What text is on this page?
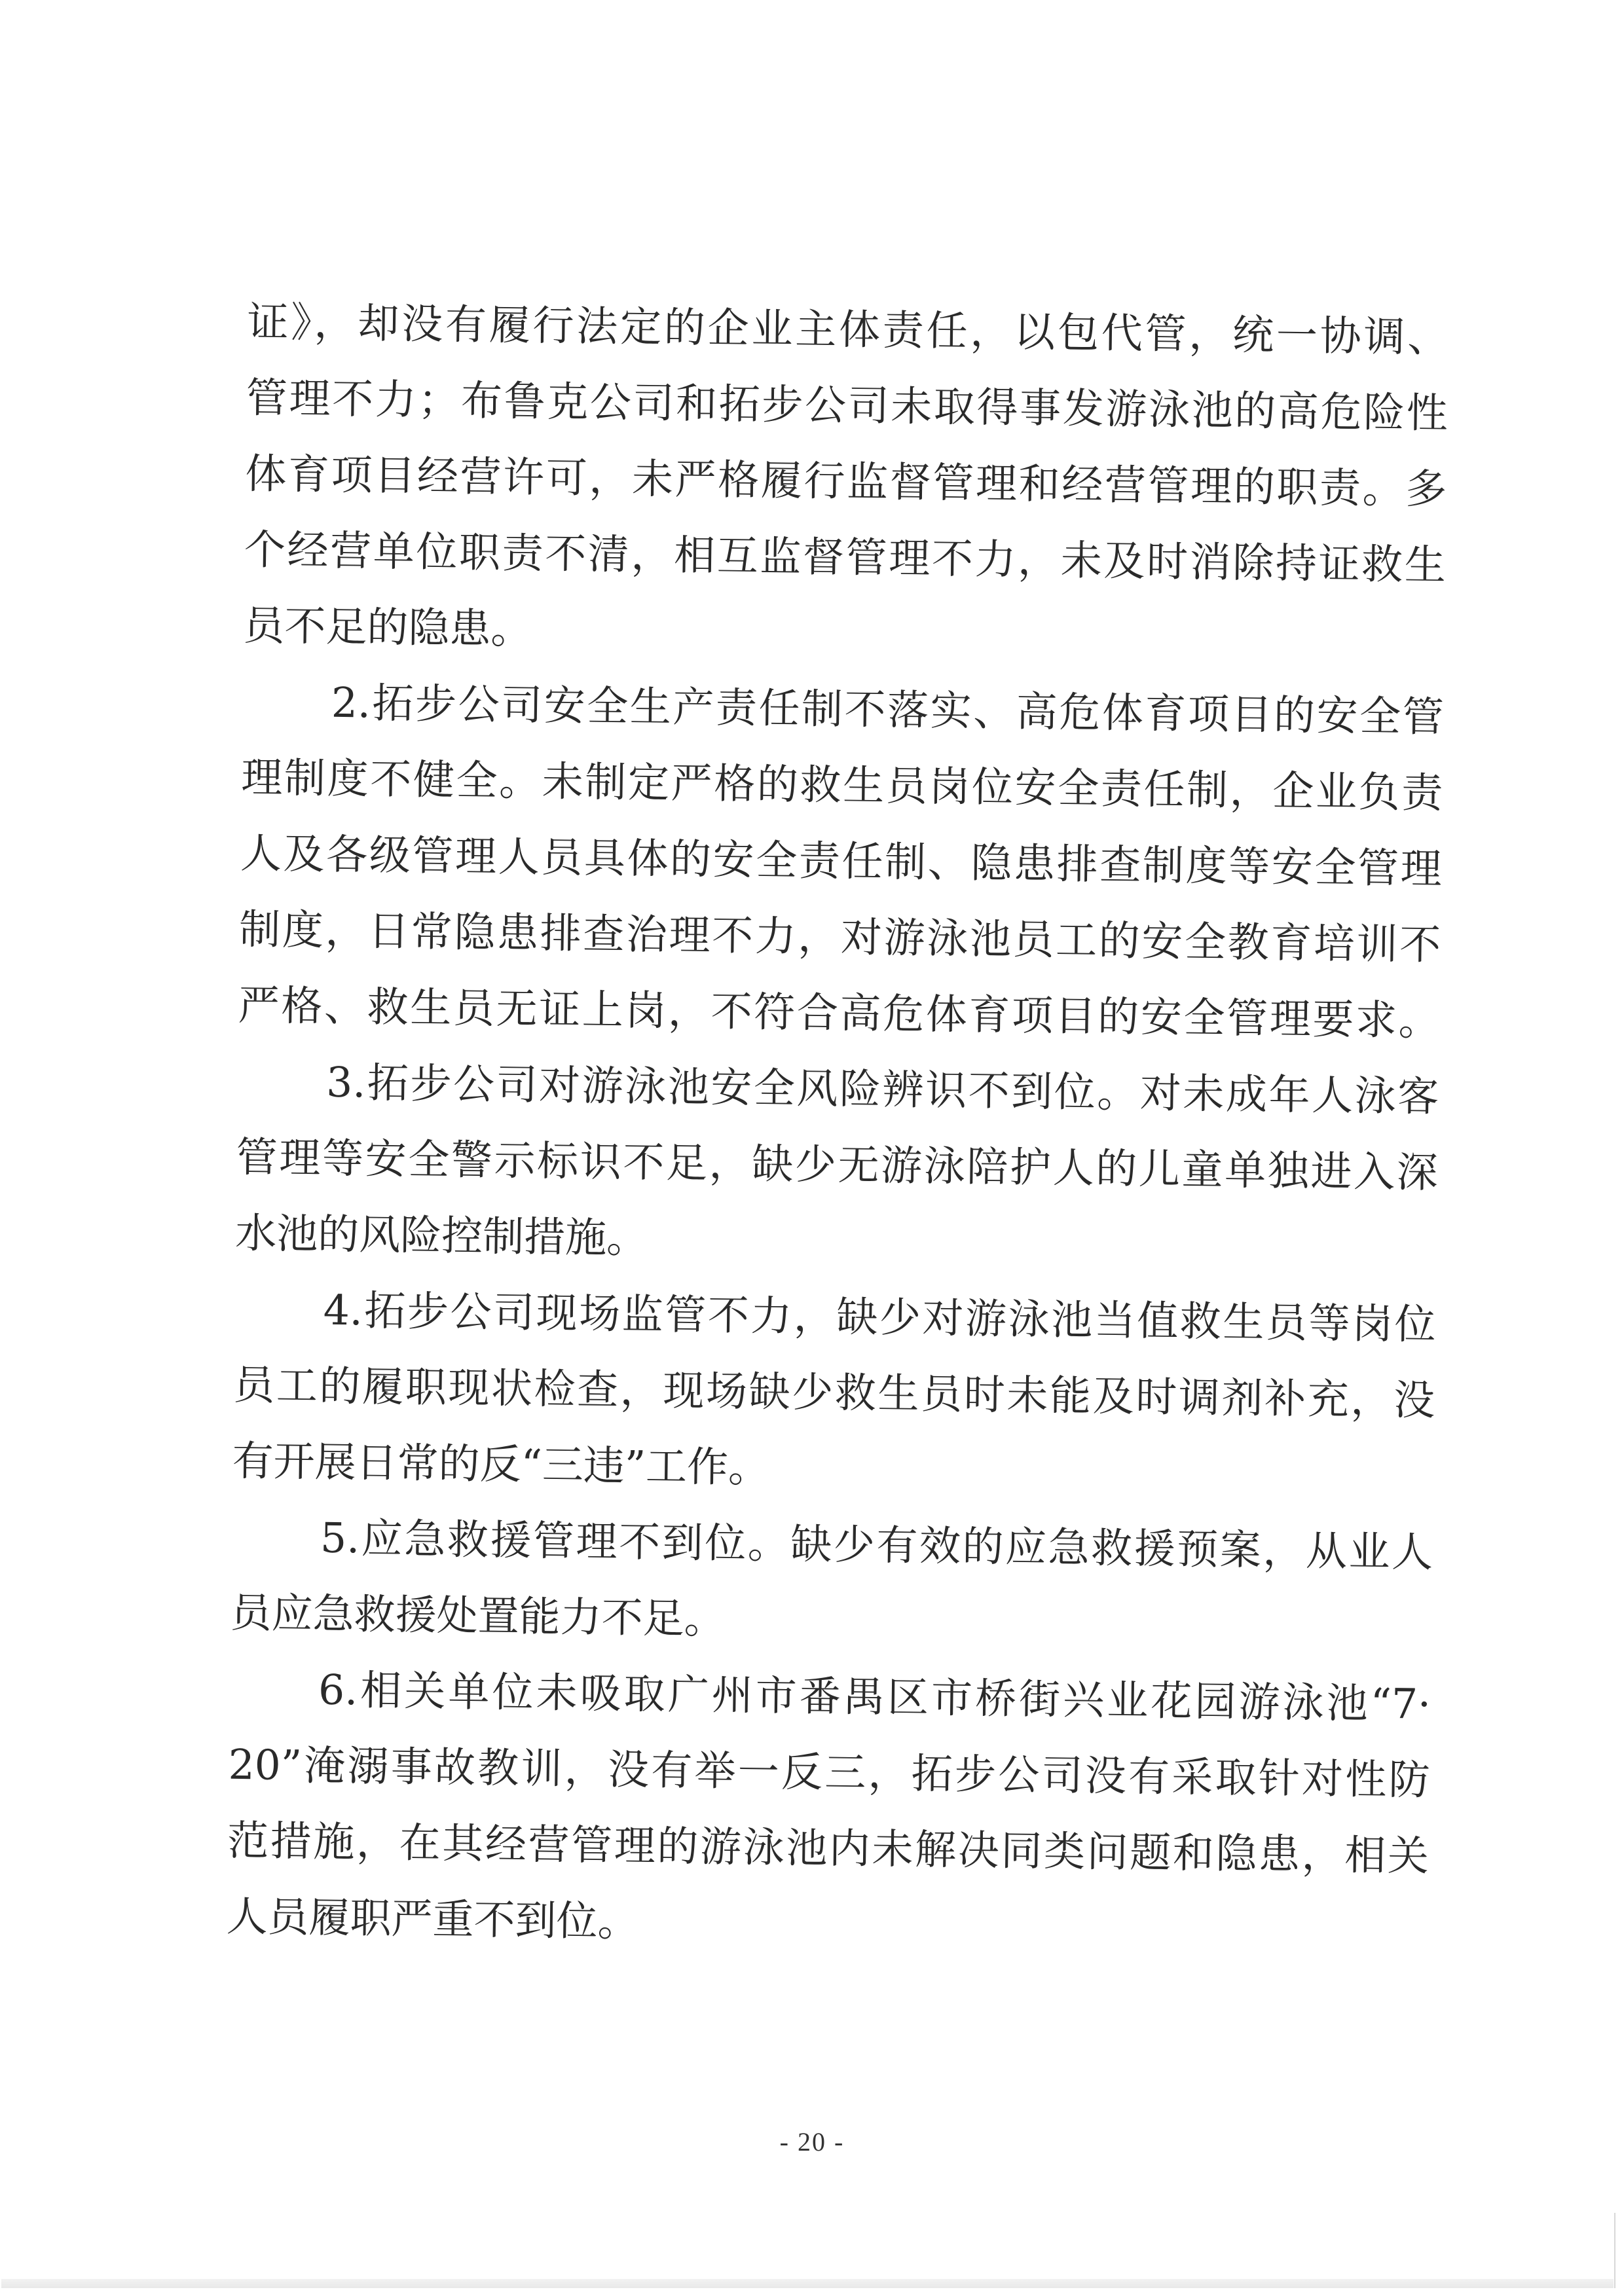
证》，却没有履行法定的企业主体责任，以包代管，统一协调、
管理不力；布鲁克公司和拓步公司未取得事发游泳池的高危险性
体育项目经营许可，未严格履行监督管理和经营管理的职责。多
个经营单位职责不清，相互监督管理不力，未及时消除持证救生
员不足的隐患。
2.拓步公司安全生产责任制不落实、高危体育项目的安全管
理制度不健全。未制定严格的救生员岗位安全责任制，企业负责
人及各级管理人员具体的安全责任制、隐患排查制度等安全管理
制度，日常隐患排查治理不力，对游泳池员工的安全教育培训不
严格、救生员无证上岗，不符合高危体育项目的安全管理要求。
3.拓步公司对游泳池安全风险辨识不到位。对未成年人泳客
管理等安全警示标识不足，缺少无游泳陪护人的儿童单独进入深
水池的风险控制措施。
4.拓步公司现场监管不力，缺少对游泳池当值救生员等岗位
员工的履职现状检查，现场缺少救生员时未能及时调剂补充，没
有开展日常的反“三违”工作。
5.应急救援管理不到位。缺少有效的应急救援预案，从业人
员应急救援处置能力不足。
6.相关单位未吸取广州市番禺区市桥街兴业花园游泳池“7·
20”淹溺事故教训，没有举一反三，拓步公司没有采取针对性防
范措施，在其经营管理的游泳池内未解决同类问题和隐患，相关
人员履职严重不到位。
- 20 -
